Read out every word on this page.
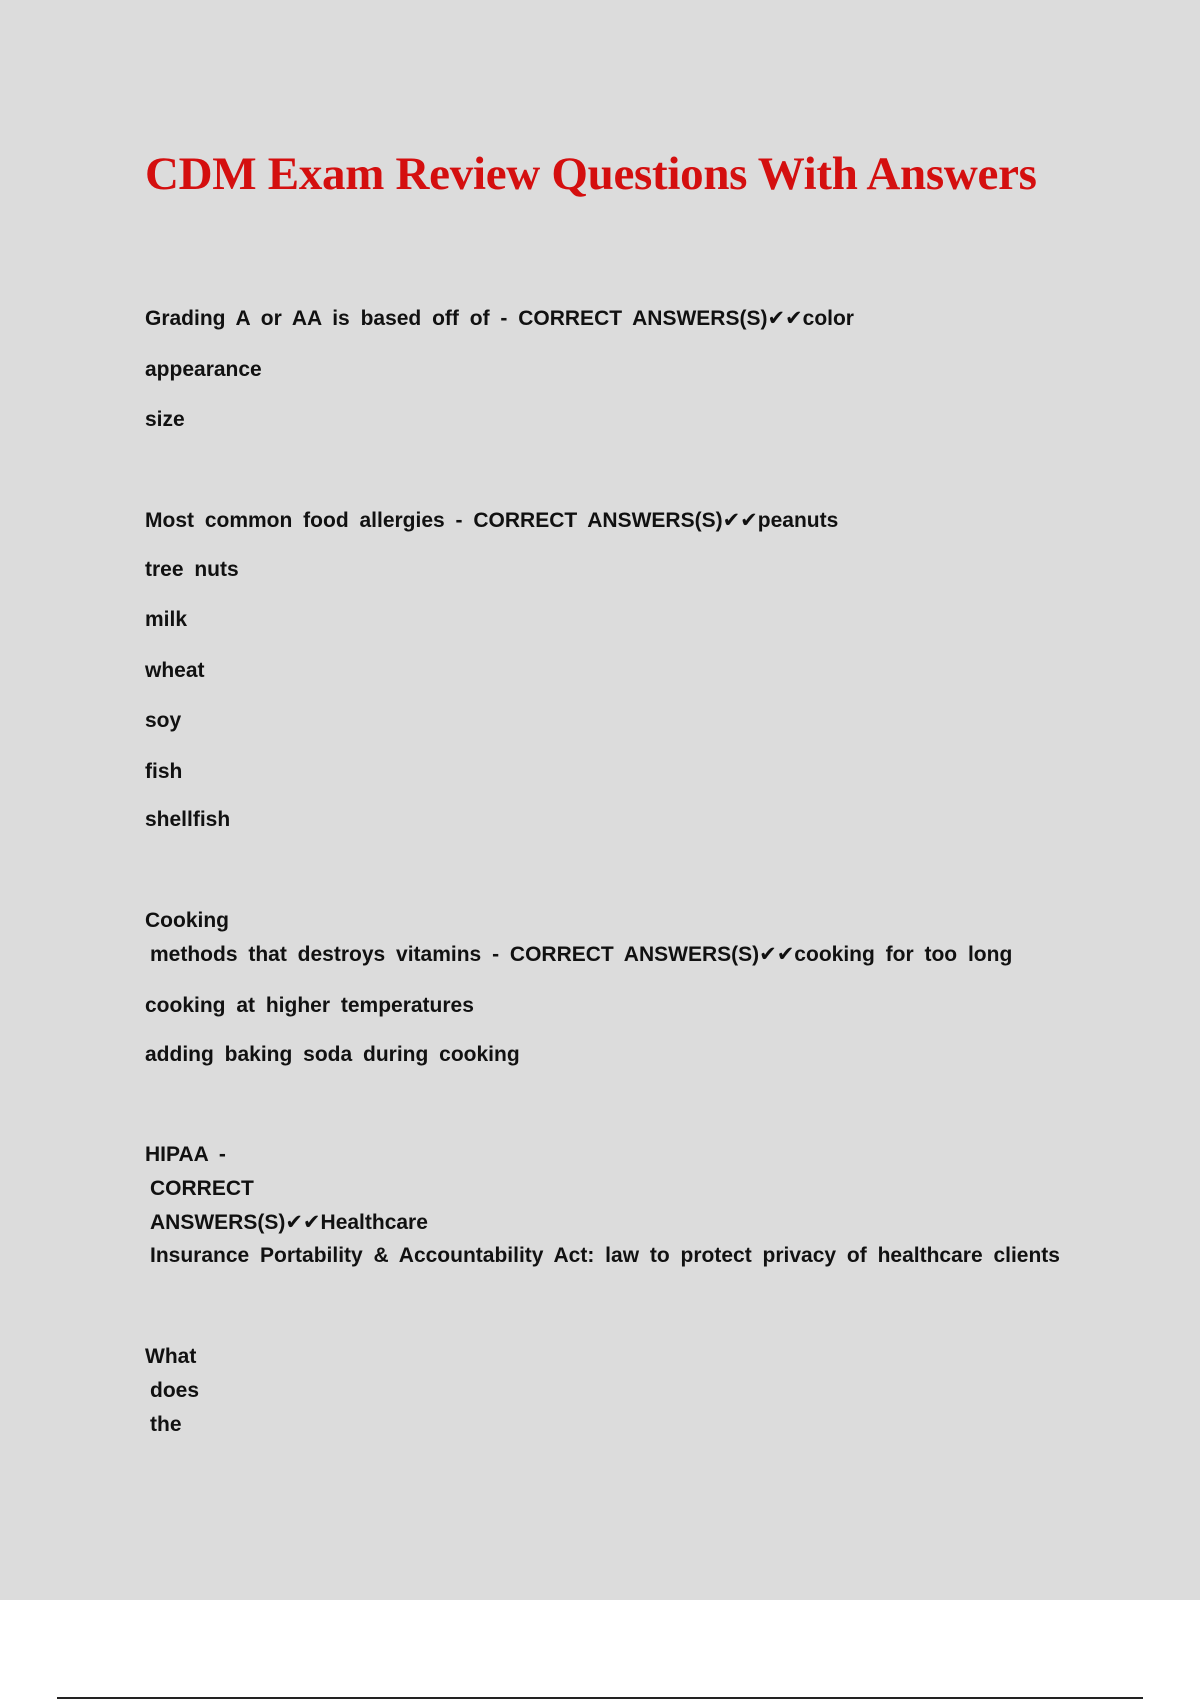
CDM Exam Review Questions With Answers

Grading A or AA is based off of - CORRECT ANSWERS(S)✔✔color

appearance

size

Most common food allergies - CORRECT ANSWERS(S)✔✔peanuts

tree nuts

milk

wheat

soy

fish

shellfish

Cooking

methods that destroys vitamins - CORRECT ANSWERS(S)✔✔cooking for too long

cooking at higher temperatures

adding baking soda during cooking

HIPAA -

CORRECT

ANSWERS(S)✔✔Healthcare

Insurance Portability & Accountability Act: law to protect privacy of healthcare clients

What

does

the
